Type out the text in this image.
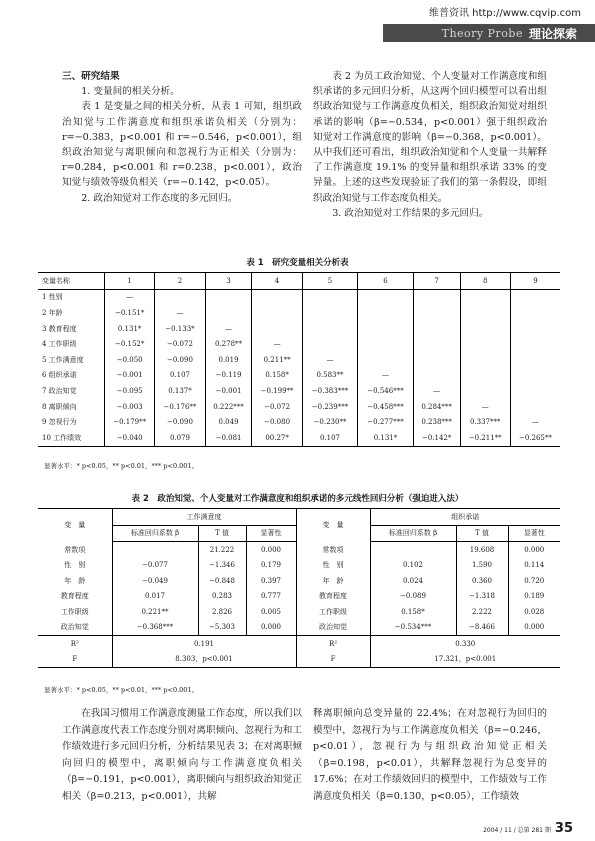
维普资讯 http://www.cqvip.com
Theory Probe 理论探索

三、研究结果

1. 变量间的相关分析。

表 1 是变量之间的相关分析，从表 1 可知，组织政治知觉与工作满意度和组织承诺负相关（分别为：r=−0.383，p<0.001 和 r=−0.546，p<0.001），组织政治知觉与离职倾向和忽视行为正相关（分别为：r=0.284，p<0.001 和 r=0.238，p<0.001），政治知觉与绩效等级负相关（r=−0.142，p<0.05）。

2. 政治知觉对工作态度的多元回归。

表 2 为员工政治知觉、个人变量对工作满意度和组织承诺的多元回归分析，从这两个回归模型可以看出组织政治知觉与工作满意度负相关，组织政治知觉对组织承诺的影响（β=−0.534，p<0.001）强于组织政治知觉对工作满意度的影响（β=−0.368，p<0.001）。从中我们还可看出，组织政治知觉和个人变量一共解释了工作满意度 19.1% 的变异量和组织承诺 33% 的变异量。上述的这些发现验证了我们的第一条假设，即组织政治知觉与工作态度负相关。

3. 政治知觉对工作结果的多元回归。

表 1　研究变量相关分析表
变量名称	1	2	3	4	5	6	7	8	9
1 性别	—								
2 年龄	−0.151*	—							
3 教育程度	0.131*	−0.133*	—						
4 工作职级	−0.152*	−0.072	0.278**	—					
5 工作满意度	−0.050	−0.090	0.019	0.211**	—				
6 组织承诺	−0.001	0.107	−0.119	0.158*	0.583**	—			
7 政治知觉	−0.095	0.137*	−0.001	−0.199**	−0.383***	−0.546***	—		
8 离职倾向	−0.003	−0.176**	0.222***	−0.072	−0.239***	−0.458***	0.284***	—	
9 忽视行为	−0.179**	−0.090	0.049	−0.080	−0.230**	−0.277***	0.238***	0.337***	—
10 工作绩效	−0.040	0.079	−0.081	00.27*	0.107	0.131*	−0.142*	−0.211**	−0.265**
显著水平：* p<0.05，** p<0.01，*** p<0.001。
表 2　政治知觉、个人变量对工作满意度和组织承诺的多元线性回归分析（强迫进入法）
变　量	工作满意度			变　量	组织承诺		
	标准回归系数 β	T 值	显著性		标准回归系数 β	T 值	显著性
常数项		21.222	0.000	常数项		19.608	0.000
性　别	−0.077	−1.346	0.179	性　别	0.102	1.590	0.114
年　龄	−0.049	−0.848	0.397	年　龄	0.024	0.360	0.720
教育程度	0.017	0.283	0.777	教育程度	−0.089	−1.318	0.189
工作职级	0.221**	2.826	0.005	工作职级	0.158*	2.222	0.028
政治知觉	−0.368***	−5.303	0.000	政治知觉	−0.534***	−8.466	0.000
R²	0.191			R²	0.330		
F	8.303，p<0.001			F	17.321，p<0.001		
显著水平：* p<0.05，** p<0.01，*** p<0.001。

在我国习惯用工作满意度测量工作态度，所以我们以工作满意度代表工作态度分别对离职倾向、忽视行为和工作绩效进行多元回归分析，分析结果见表 3；在对离职倾向回归的模型中，离职倾向与工作满意度负相关（β=−0.191，p<0.001），离职倾向与组织政治知觉正相关（β=0.213，p<0.001），共解

释离职倾向总变异量的 22.4%；在对忽视行为回归的模型中，忽视行为与工作满意度负相关（β=−0.246，p<0.01），忽视行为与组织政治知觉正相关（β=0.198，p<0.01），共解释忽视行为总变异的 17.6%；在对工作绩效回归的模型中，工作绩效与工作满意度负相关（β=0.130，p<0.05），工作绩效

2004 / 11 / 总第 281 期 35
